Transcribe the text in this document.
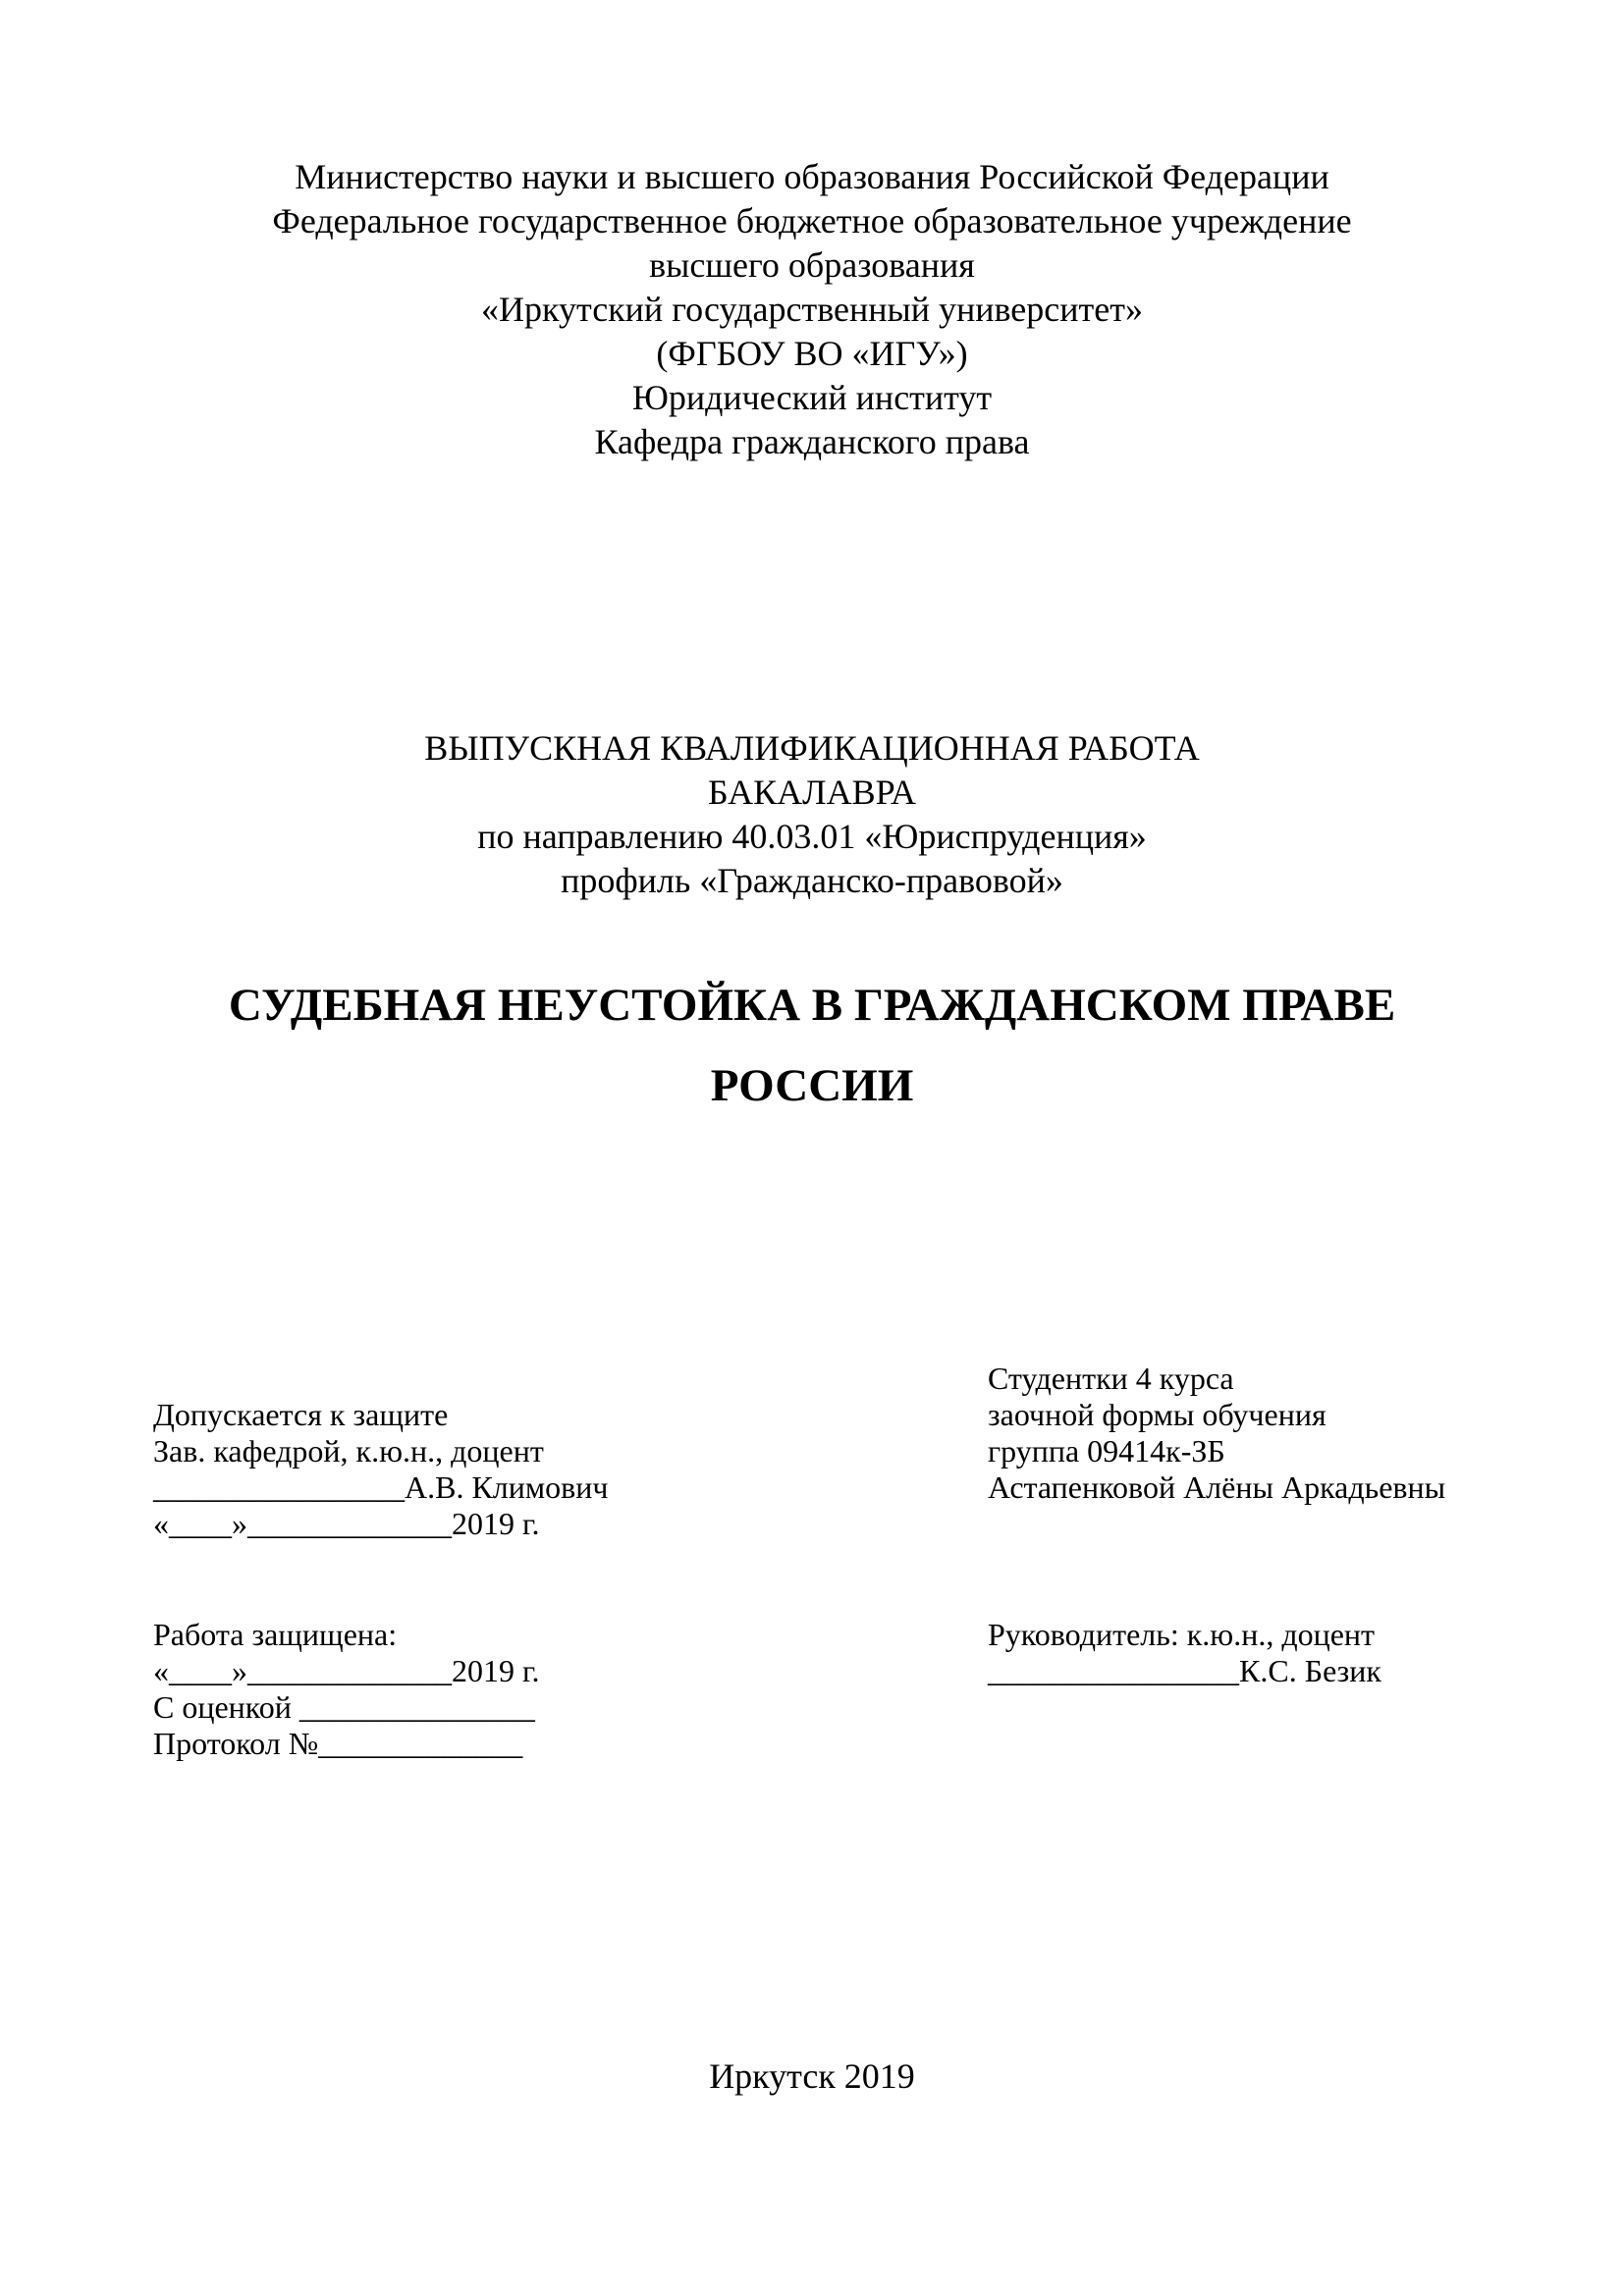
Министерство науки и высшего образования Российской Федерации
Федеральное государственное бюджетное образовательное учреждение
высшего образования
«Иркутский государственный университет»
(ФГБОУ ВО «ИГУ»)
Юридический институт
Кафедра гражданского права
ВЫПУСКНАЯ КВАЛИФИКАЦИОННАЯ РАБОТА
БАКАЛАВРА
по направлению 40.03.01 «Юриспруденция»
профиль «Гражданско-правовой»
СУДЕБНАЯ НЕУСТОЙКА В ГРАЖДАНСКОМ ПРАВЕ
РОССИИ
Допускается к защите
Зав. кафедрой, к.ю.н., доцент
________________А.В. Климович
«____»_____________2019 г.
Студентки 4 курса
заочной формы обучения
группа 09414к-ЗБ
Астапенковой Алёны Аркадьевны
Работа защищена:
«____»_____________2019 г.
С оценкой _______________
Протокол №_____________
Руководитель: к.ю.н., доцент
________________К.С. Безик
Иркутск 2019
